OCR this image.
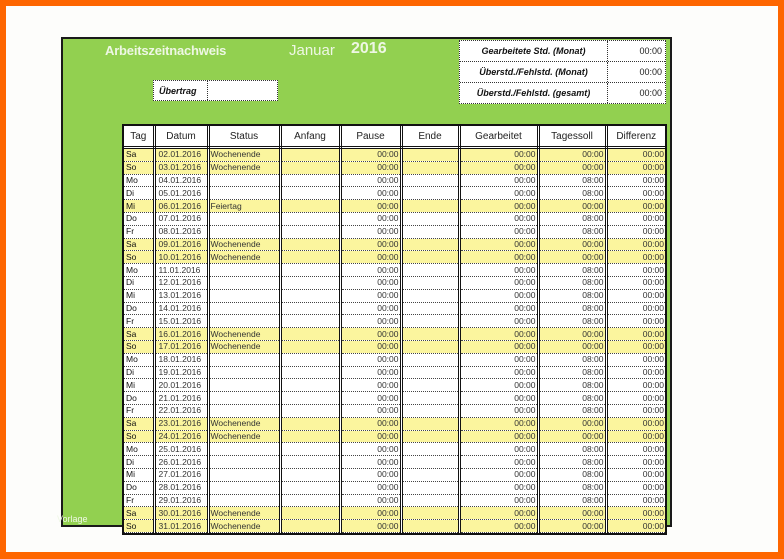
Arbeitszeitnachweis	Januar 2016
Übertrag
Gearbeitete Std. (Monat)	00:00
Überstd./Fehlstd. (Monat)	00:00
Überstd./Fehlstd. (gesamt)	00:00
Tag	Datum	Status	Anfang	Pause	Ende	Gearbeitet	Tagessoll	Differenz
Sa	02.01.2016	Wochenende		00:00		00:00	00:00	00:00
So	03.01.2016	Wochenende		00:00		00:00	00:00	00:00
Mo	04.01.2016			00:00		00:00	08:00	00:00
Di	05.01.2016			00:00		00:00	08:00	00:00
Mi	06.01.2016	Feiertag		00:00		00:00	00:00	00:00
Do	07.01.2016			00:00		00:00	08:00	00:00
Fr	08.01.2016			00:00		00:00	08:00	00:00
Sa	09.01.2016	Wochenende		00:00		00:00	00:00	00:00
So	10.01.2016	Wochenende		00:00		00:00	00:00	00:00
Mo	11.01.2016			00:00		00:00	08:00	00:00
Di	12.01.2016			00:00		00:00	08:00	00:00
Mi	13.01.2016			00:00		00:00	08:00	00:00
Do	14.01.2016			00:00		00:00	08:00	00:00
Fr	15.01.2016			00:00		00:00	08:00	00:00
Sa	16.01.2016	Wochenende		00:00		00:00	00:00	00:00
So	17.01.2016	Wochenende		00:00		00:00	00:00	00:00
Mo	18.01.2016			00:00		00:00	08:00	00:00
Di	19.01.2016			00:00		00:00	08:00	00:00
Mi	20.01.2016			00:00		00:00	08:00	00:00
Do	21.01.2016			00:00		00:00	08:00	00:00
Fr	22.01.2016			00:00		00:00	08:00	00:00
Sa	23.01.2016	Wochenende		00:00		00:00	00:00	00:00
So	24.01.2016	Wochenende		00:00		00:00	00:00	00:00
Mo	25.01.2016			00:00		00:00	08:00	00:00
Di	26.01.2016			00:00		00:00	08:00	00:00
Mi	27.01.2016			00:00		00:00	08:00	00:00
Do	28.01.2016			00:00		00:00	08:00	00:00
Fr	29.01.2016			00:00		00:00	08:00	00:00
Sa	30.01.2016	Wochenende		00:00		00:00	00:00	00:00
So	31.01.2016	Wochenende		00:00		00:00	00:00	00:00
Vorlage
